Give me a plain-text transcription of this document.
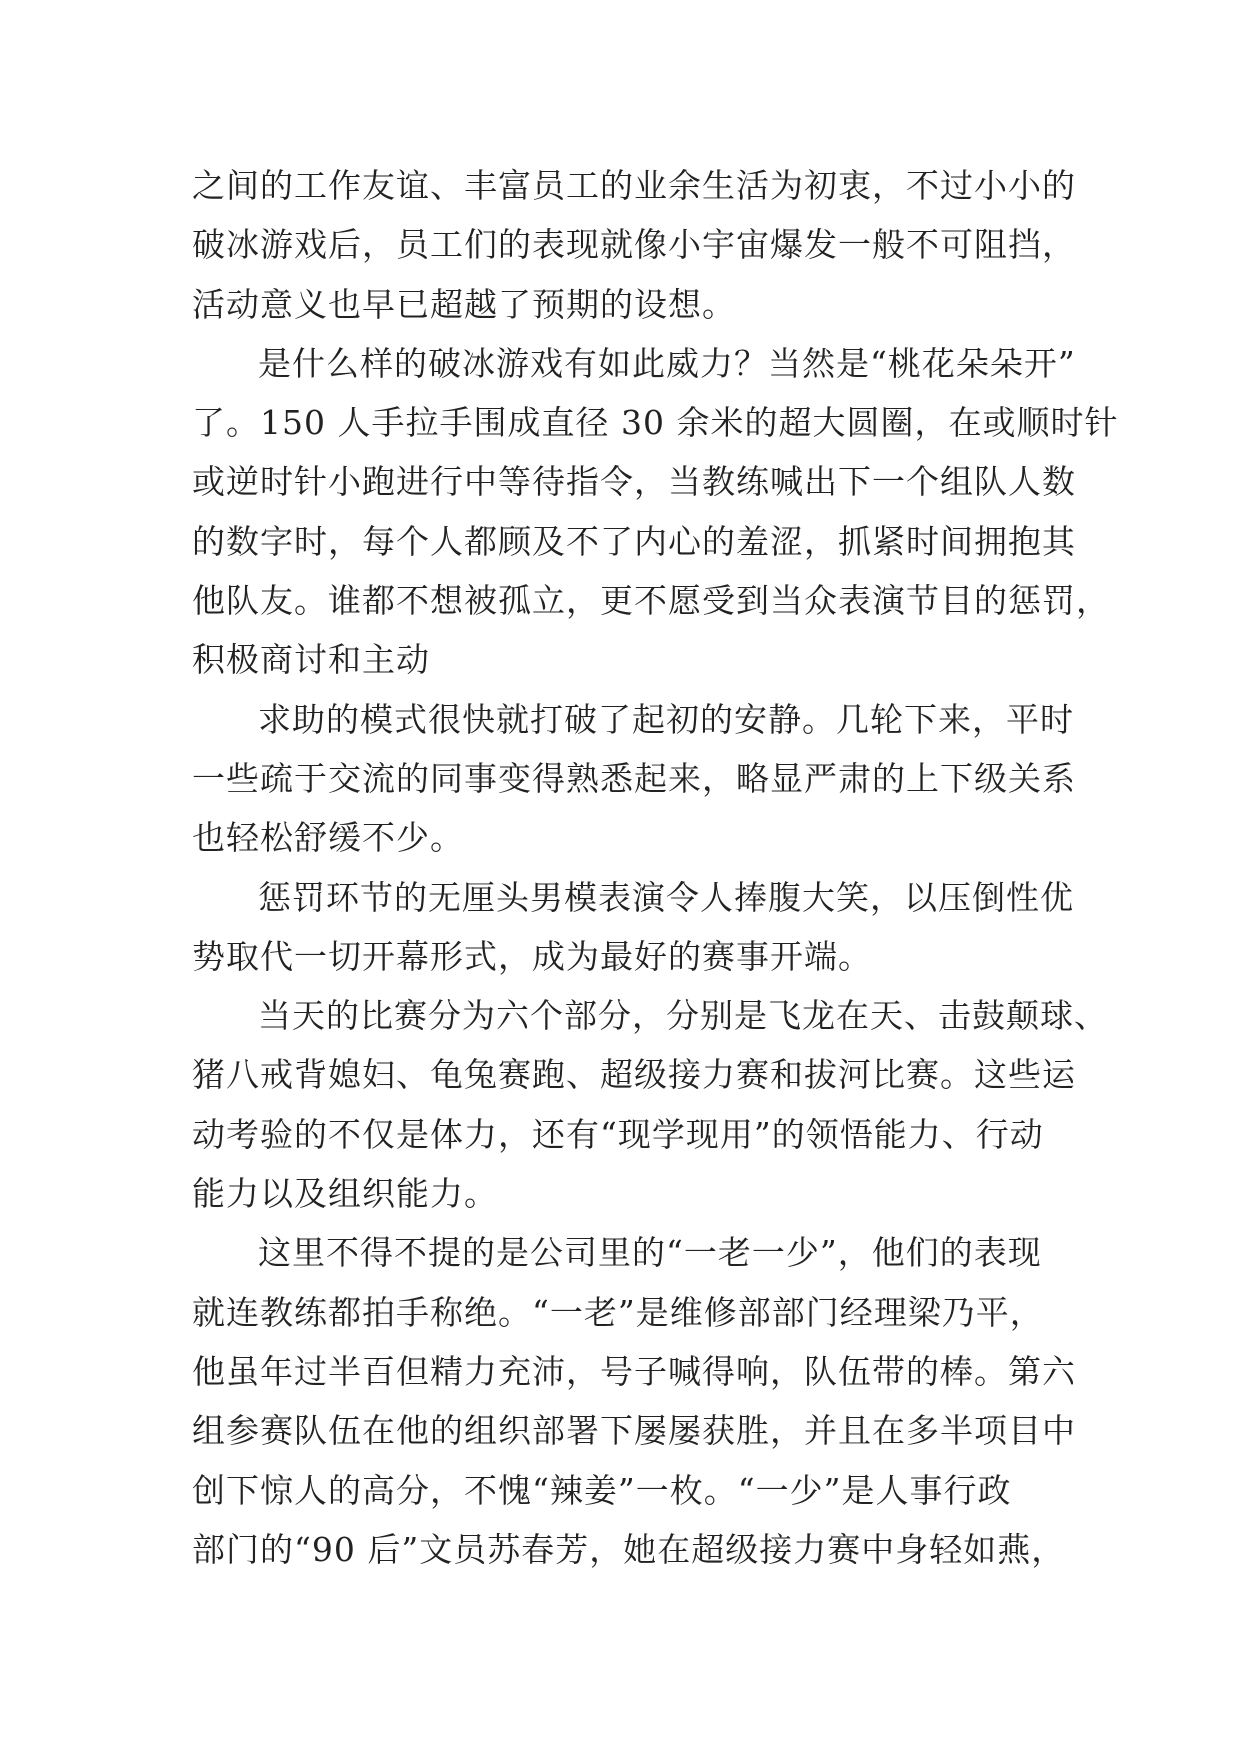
之间的工作友谊、丰富员工的业余生活为初衷，不过小小的
破冰游戏后，员工们的表现就像小宇宙爆发一般不可阻挡，
活动意义也早已超越了预期的设想。
是什么样的破冰游戏有如此威力？当然是“桃花朵朵开”
了。150 人手拉手围成直径 30 余米的超大圆圈，在或顺时针
或逆时针小跑进行中等待指令，当教练喊出下一个组队人数
的数字时，每个人都顾及不了内心的羞涩，抓紧时间拥抱其
他队友。谁都不想被孤立，更不愿受到当众表演节目的惩罚，
积极商讨和主动
求助的模式很快就打破了起初的安静。几轮下来，平时
一些疏于交流的同事变得熟悉起来，略显严肃的上下级关系
也轻松舒缓不少。
惩罚环节的无厘头男模表演令人捧腹大笑，以压倒性优
势取代一切开幕形式，成为最好的赛事开端。
当天的比赛分为六个部分，分别是飞龙在天、击鼓颠球、
猪八戒背媳妇、龟兔赛跑、超级接力赛和拔河比赛。这些运
动考验的不仅是体力，还有“现学现用”的领悟能力、行动
能力以及组织能力。
这里不得不提的是公司里的“一老一少”，他们的表现
就连教练都拍手称绝。“一老”是维修部部门经理梁乃平，
他虽年过半百但精力充沛，号子喊得响，队伍带的棒。第六
组参赛队伍在他的组织部署下屡屡获胜，并且在多半项目中
创下惊人的高分，不愧“辣姜”一枚。“一少”是人事行政
部门的“90 后”文员苏春芳，她在超级接力赛中身轻如燕，
